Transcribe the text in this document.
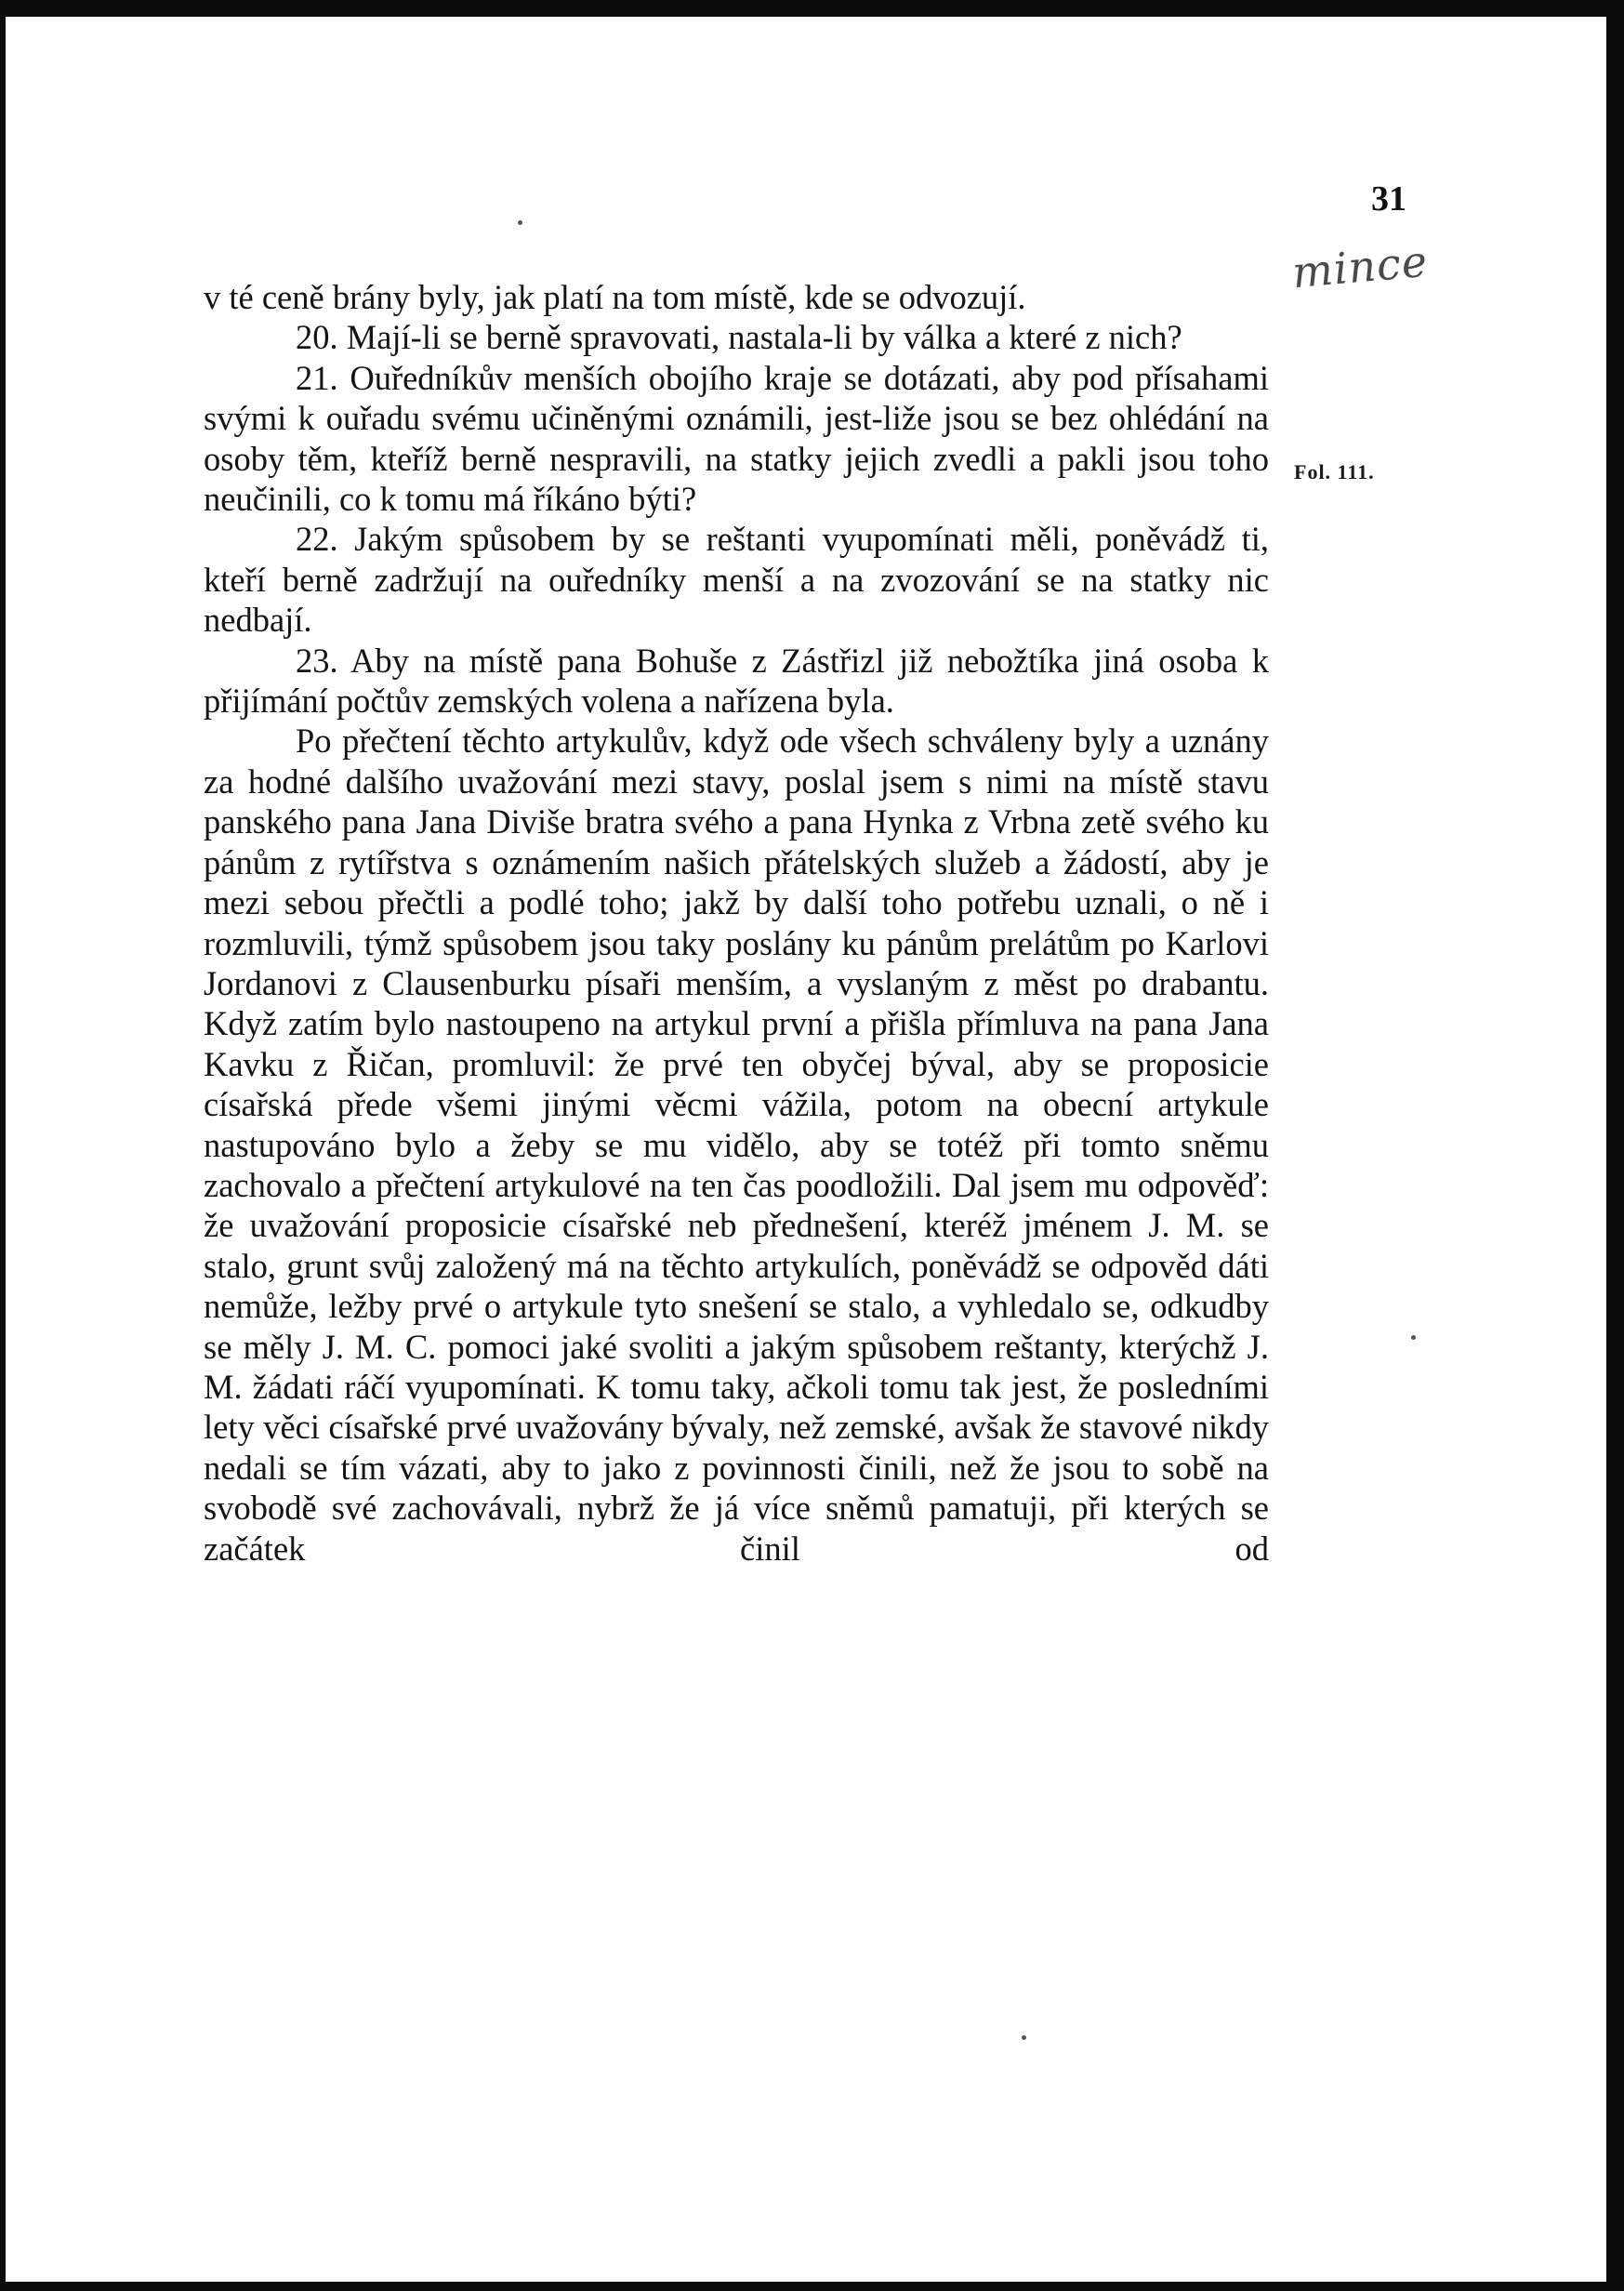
31
mince
Fol. 111.

v té ceně brány byly, jak platí na tom místě, kde se odvozují.

20. Mají-li se berně spravovati, nastala-li by válka a které z nich?

21. Ouředníkův menších obojího kraje se dotázati, aby pod přísahami svými k ouřadu svému učiněnými oznámili, jest-liže jsou se bez ohlédání na osoby těm, kteříž berně nespravili, na statky jejich zvedli a pakli jsou toho neučinili, co k tomu má říkáno býti?

22. Jakým spůsobem by se reštanti vyupomínati měli, poněvádž ti, kteří berně zadržují na ouředníky menší a na zvozování se na statky nic nedbají.

23. Aby na místě pana Bohuše z Zástřizl již nebožtíka jiná osoba k přijímání počtův zemských volena a nařízena byla.

Po přečtení těchto artykulův, když ode všech schváleny byly a uznány za hodné dalšího uvažování mezi stavy, poslal jsem s nimi na místě stavu panského pana Jana Diviše bratra svého a pana Hynka z Vrbna zetě svého ku pánům z rytířstva s oznámením našich přátelských služeb a žádostí, aby je mezi sebou přečtli a podlé toho; jakž by další toho potřebu uznali, o ně i rozmluvili, týmž spůsobem jsou taky poslány ku pánům prelátům po Karlovi Jordanovi z Clausenburku písaři menším, a vyslaným z měst po drabantu. Když zatím bylo nastoupeno na artykul první a přišla přímluva na pana Jana Kavku z Řičan, promluvil: že prvé ten obyčej býval, aby se proposicie císařská přede všemi jinými věcmi vážila, potom na obecní artykule nastupováno bylo a žeby se mu vidělo, aby se totéž při tomto sněmu zachovalo a přečtení artykulové na ten čas poodložili. Dal jsem mu odpověď: že uvažování proposicie císařské neb přednešení, kteréž jménem J. M. se stalo, grunt svůj založený má na těchto artykulích, poněvádž se odpověd dáti nemůže, ležby prvé o artykule tyto snešení se stalo, a vyhledalo se, odkudby se měly J. M. C. pomoci jaké svoliti a jakým spůsobem reštanty, kterýchž J. M. žádati ráčí vyupomínati. K tomu taky, ačkoli tomu tak jest, že posledními lety věci císařské prvé uvažovány bývaly, než zemské, avšak že stavové nikdy nedali se tím vázati, aby to jako z povinnosti činili, než že jsou to sobě na svobodě své zachovávali, nybrž že já více sněmů pamatuji, při kterých se začátek činil od
